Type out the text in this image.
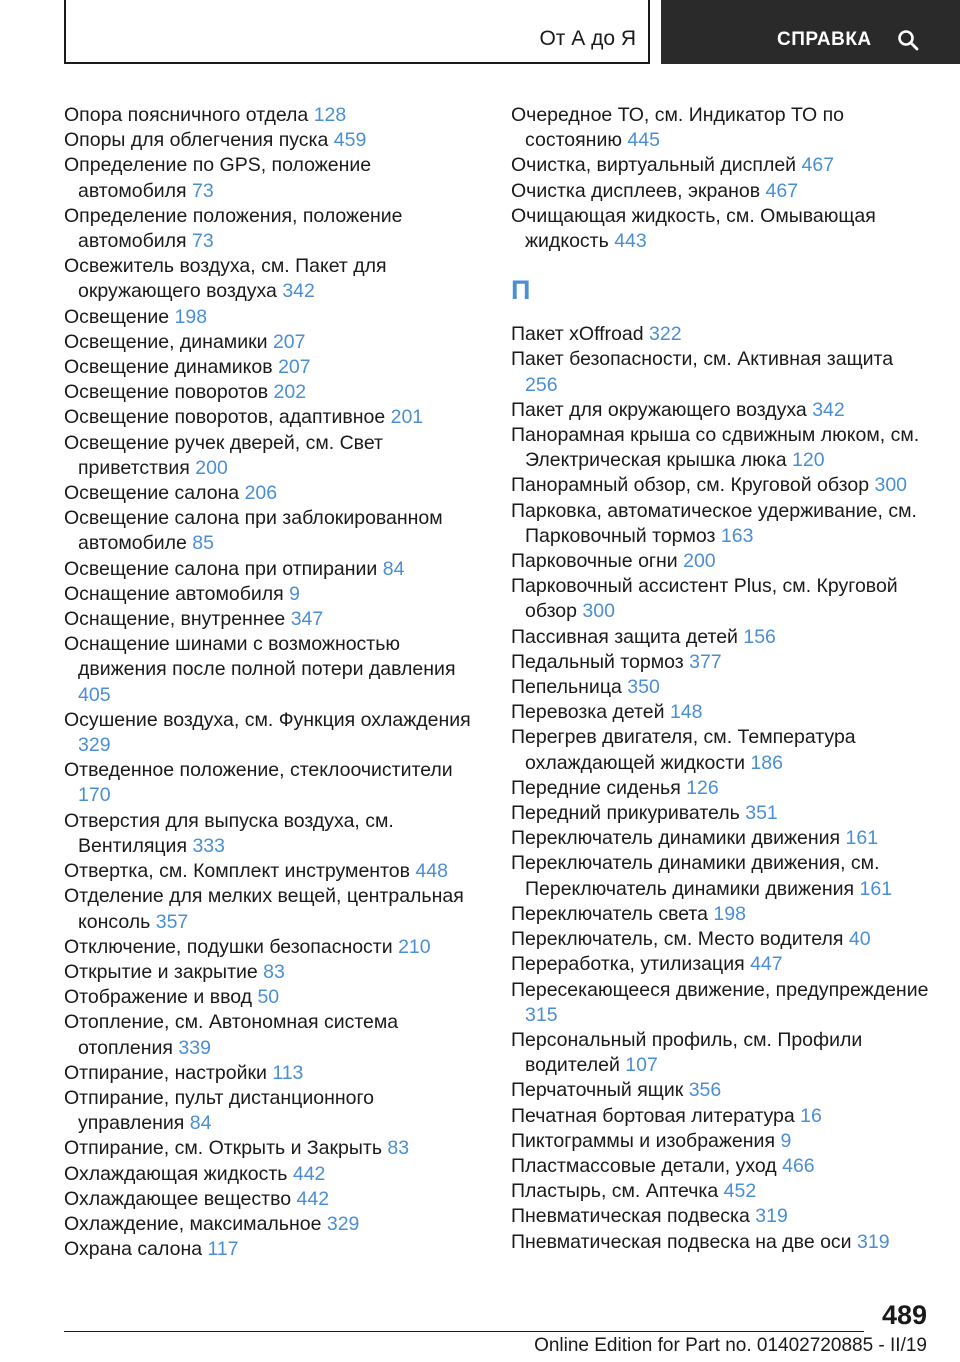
От А до Я	СПРАВКА
Опора поясничного отдела 128
Опоры для облегчения пуска 459
Определение по GPS, положение автомобиля 73
Определение положения, положение автомобиля 73
Освежитель воздуха, см. Пакет для окружающего воздуха 342
Освещение 198
Освещение, динамики 207
Освещение динамиков 207
Освещение поворотов 202
Освещение поворотов, адаптивное 201
Освещение ручек дверей, см. Свет приветствия 200
Освещение салона 206
Освещение салона при заблокированном автомобиле 85
Освещение салона при отпирании 84
Оснащение автомобиля 9
Оснащение, внутреннее 347
Оснащение шинами с возможностью движения после полной потери давления 405
Осушение воздуха, см. Функция охлаждения 329
Отведенное положение, стеклоочистители 170
Отверстия для выпуска воздуха, см. Вентиляция 333
Отвертка, см. Комплект инструментов 448
Отделение для мелких вещей, центральная консоль 357
Отключение, подушки безопасности 210
Открытие и закрытие 83
Отображение и ввод 50
Отопление, см. Автономная система отопления 339
Отпирание, настройки 113
Отпирание, пульт дистанционного управления 84
Отпирание, см. Открыть и Закрыть 83
Охлаждающая жидкость 442
Охлаждающее вещество 442
Охлаждение, максимальное 329
Охрана салона 117
Очередное ТО, см. Индикатор ТО по состоянию 445
Очистка, виртуальный дисплей 467
Очистка дисплеев, экранов 467
Очищающая жидкость, см. Омывающая жидкость 443
П
Пакет xOffroad 322
Пакет безопасности, см. Активная защита 256
Пакет для окружающего воздуха 342
Панорамная крыша со сдвижным люком, см. Электрическая крышка люка 120
Панорамный обзор, см. Круговой обзор 300
Парковка, автоматическое удерживание, см. Парковочный тормоз 163
Парковочные огни 200
Парковочный ассистент Plus, см. Круговой обзор 300
Пассивная защита детей 156
Педальный тормоз 377
Пепельница 350
Перевозка детей 148
Перегрев двигателя, см. Температура охлаждающей жидкости 186
Передние сиденья 126
Передний прикуриватель 351
Переключатель динамики движения 161
Переключатель динамики движения, см. Переключатель динамики движения 161
Переключатель света 198
Переключатель, см. Место водителя 40
Переработка, утилизация 447
Пересекающееся движение, предупреждение 315
Персональный профиль, см. Профили водителей 107
Перчаточный ящик 356
Печатная бортовая литература 16
Пиктограммы и изображения 9
Пластмассовые детали, уход 466
Пластырь, см. Аптечка 452
Пневматическая подвеска 319
Пневматическая подвеска на две оси 319
489
Online Edition for Part no. 01402720885 - II/19
